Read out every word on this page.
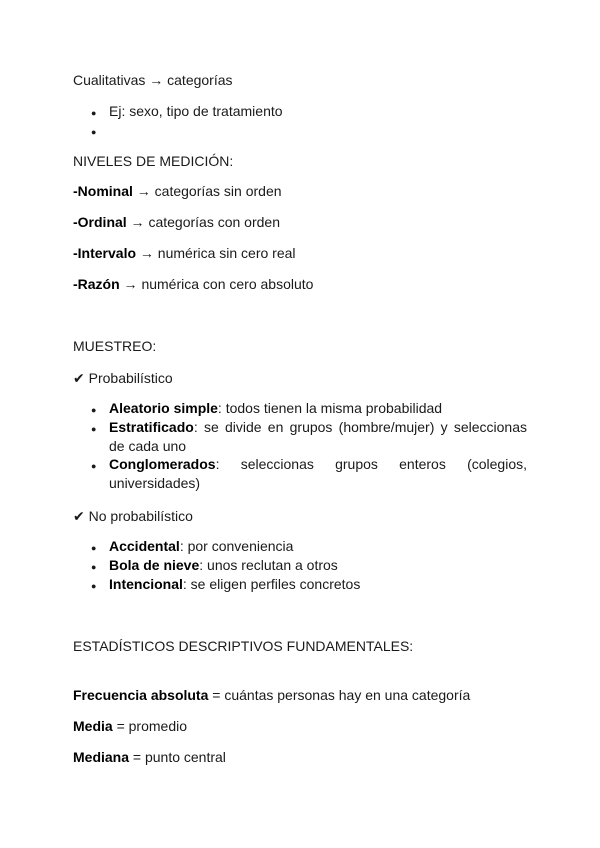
Cualitativas → categorías

●

Ej: sexo, tipo de tratamiento

●

NIVELES DE MEDICIÓN:

-Nominal → categorías sin orden

-Ordinal → categorías con orden

-Intervalo → numérica sin cero real

-Razón → numérica con cero absoluto

MUESTREO:

✔ Probabilístico

●

Aleatorio simple: todos tienen la misma probabilidad

●

Estratificado: se divide en grupos (hombre/mujer) y seleccionas de cada uno

●

Conglomerados: seleccionas grupos enteros (colegios, universidades)

✔ No probabilístico

●

Accidental: por conveniencia

●

Bola de nieve: unos reclutan a otros

●

Intencional: se eligen perfiles concretos

ESTADÍSTICOS DESCRIPTIVOS FUNDAMENTALES:

Frecuencia absoluta = cuántas personas hay en una categoría

Media = promedio

Mediana = punto central
